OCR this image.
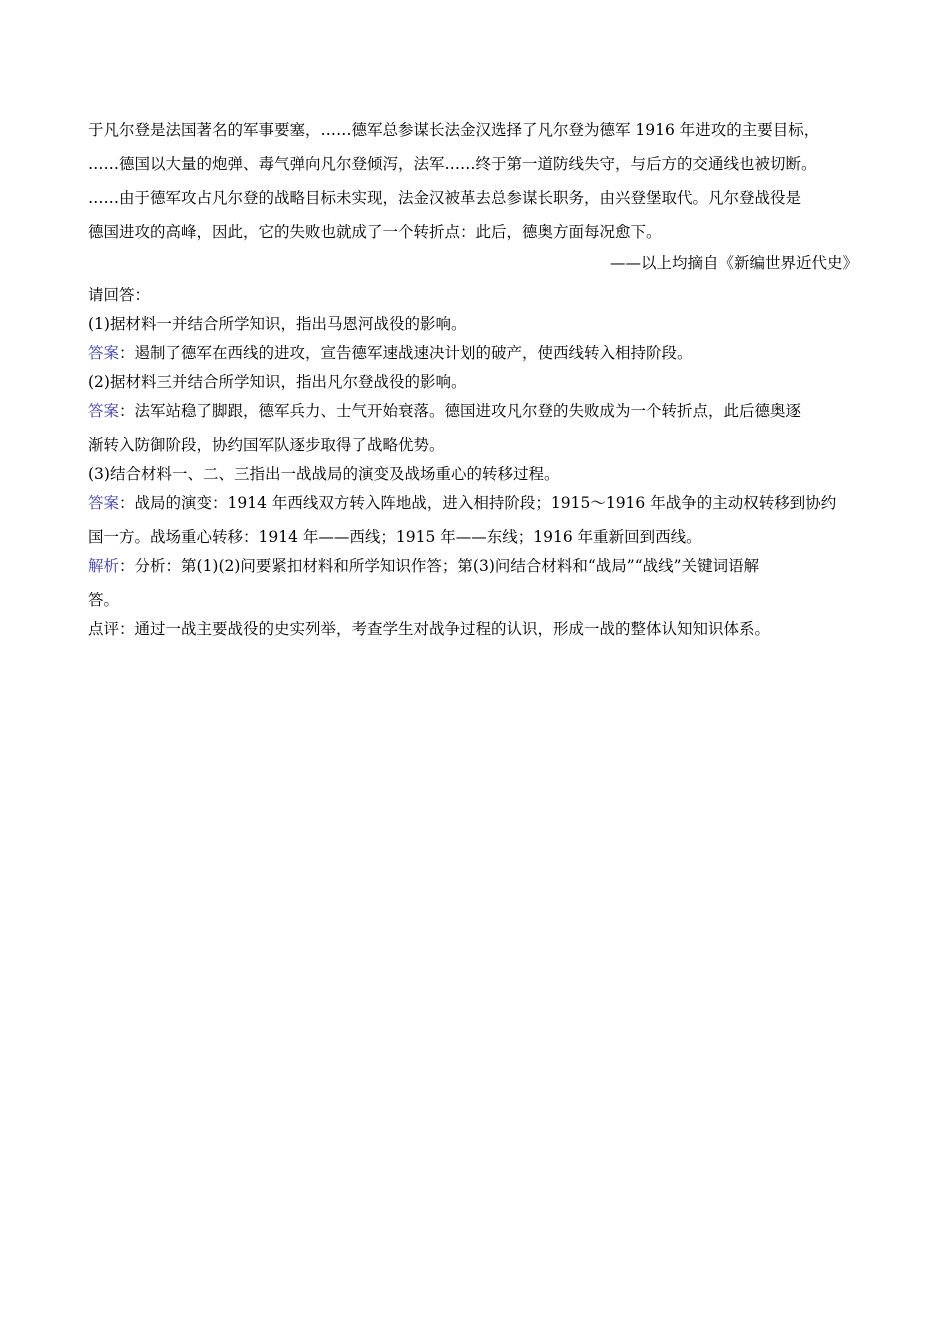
于凡尔登是法国著名的军事要塞，……德军总参谋长法金汉选择了凡尔登为德军 1916 年进攻的主要目标，

……德国以大量的炮弹、毒气弹向凡尔登倾泻，法军……终于第一道防线失守，与后方的交通线也被切断。

……由于德军攻占凡尔登的战略目标未实现，法金汉被革去总参谋长职务，由兴登堡取代。凡尔登战役是

德国进攻的高峰，因此，它的失败也就成了一个转折点：此后，德奥方面每况愈下。

——以上均摘自《新编世界近代史》

请回答：

(1)据材料一并结合所学知识，指出马恩河战役的影响。

答案：遏制了德军在西线的进攻，宣告德军速战速决计划的破产，使西线转入相持阶段。

(2)据材料三并结合所学知识，指出凡尔登战役的影响。

答案：法军站稳了脚跟，德军兵力、士气开始衰落。德国进攻凡尔登的失败成为一个转折点，此后德奥逐

渐转入防御阶段，协约国军队逐步取得了战略优势。

(3)结合材料一、二、三指出一战战局的演变及战场重心的转移过程。

答案：战局的演变：1914 年西线双方转入阵地战，进入相持阶段；1915～1916 年战争的主动权转移到协约

国一方。战场重心转移：1914 年——西线；1915 年——东线；1916 年重新回到西线。

解析：分析：第(1)(2)问要紧扣材料和所学知识作答；第(3)问结合材料和“战局”“战线”关键词语解

答。

点评：通过一战主要战役的史实列举，考查学生对战争过程的认识，形成一战的整体认知知识体系。
